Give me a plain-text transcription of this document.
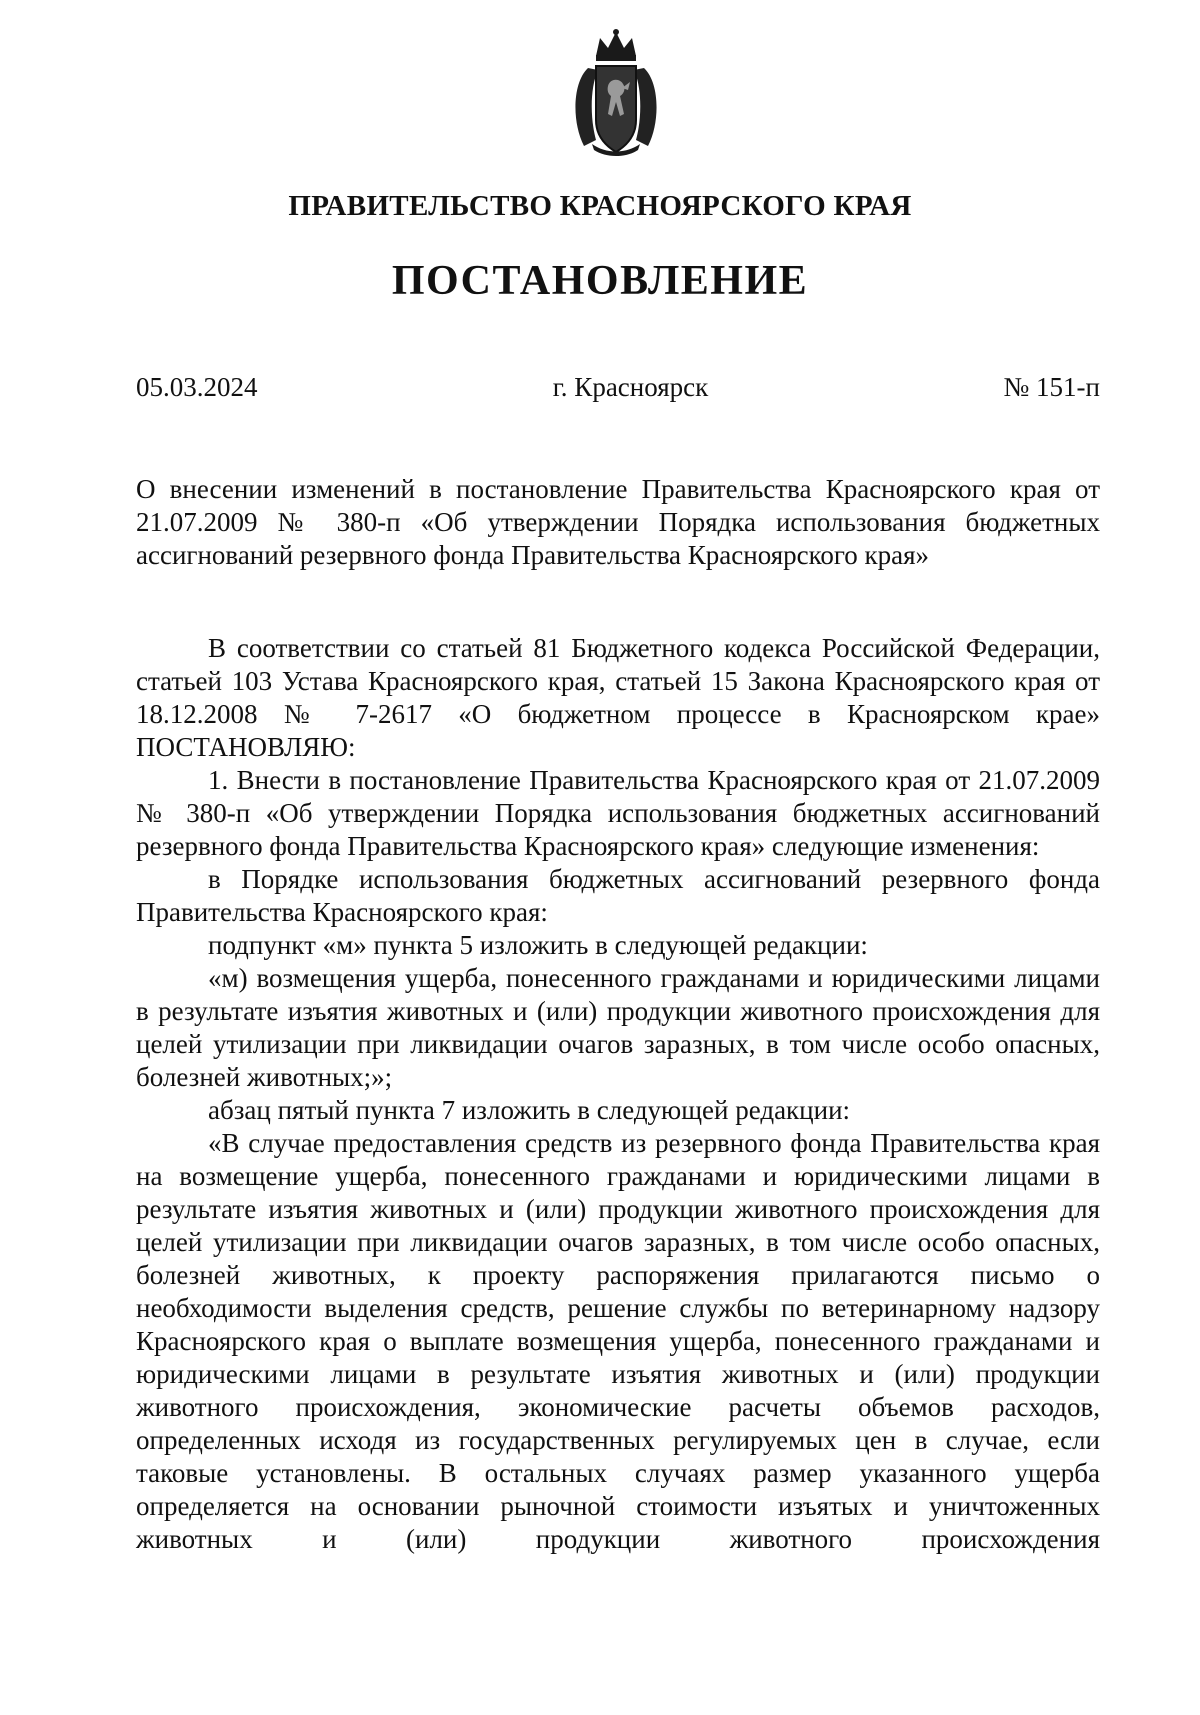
ПРАВИТЕЛЬСТВО КРАСНОЯРСКОГО КРАЯ
ПОСТАНОВЛЕНИЕ
05.03.2024	г. Красноярск	№ 151-п
О внесении изменений в постановление Правительства Красноярского края от 21.07.2009 № 380-п «Об утверждении Порядка использования бюджетных ассигнований резервного фонда Правительства Красноярского края»

В соответствии со статьей 81 Бюджетного кодекса Российской Федерации, статьей 103 Устава Красноярского края, статьей 15 Закона Красноярского края от 18.12.2008 № 7-2617 «О бюджетном процессе в Красноярском крае» ПОСТАНОВЛЯЮ:

1. Внести в постановление Правительства Красноярского края от 21.07.2009 № 380-п «Об утверждении Порядка использования бюджетных ассигнований резервного фонда Правительства Красноярского края» следующие изменения:

в Порядке использования бюджетных ассигнований резервного фонда Правительства Красноярского края:

подпункт «м» пункта 5 изложить в следующей редакции:

«м) возмещения ущерба, понесенного гражданами и юридическими лицами в результате изъятия животных и (или) продукции животного происхождения для целей утилизации при ликвидации очагов заразных, в том числе особо опасных, болезней животных;»;

абзац пятый пункта 7 изложить в следующей редакции:

«В случае предоставления средств из резервного фонда Правительства края на возмещение ущерба, понесенного гражданами и юридическими лицами в результате изъятия животных и (или) продукции животного происхождения для целей утилизации при ликвидации очагов заразных, в том числе особо опасных, болезней животных, к проекту распоряжения прилагаются письмо о необходимости выделения средств, решение службы по ветеринарному надзору Красноярского края о выплате возмещения ущерба, понесенного гражданами и юридическими лицами в результате изъятия животных и (или) продукции животного происхождения, экономические расчеты объемов расходов, определенных исходя из государственных регулируемых цен в случае, если таковые установлены. В остальных случаях размер указанного ущерба определяется на основании рыночной стоимости изъятых и уничтоженных животных и (или) продукции животного происхождения
